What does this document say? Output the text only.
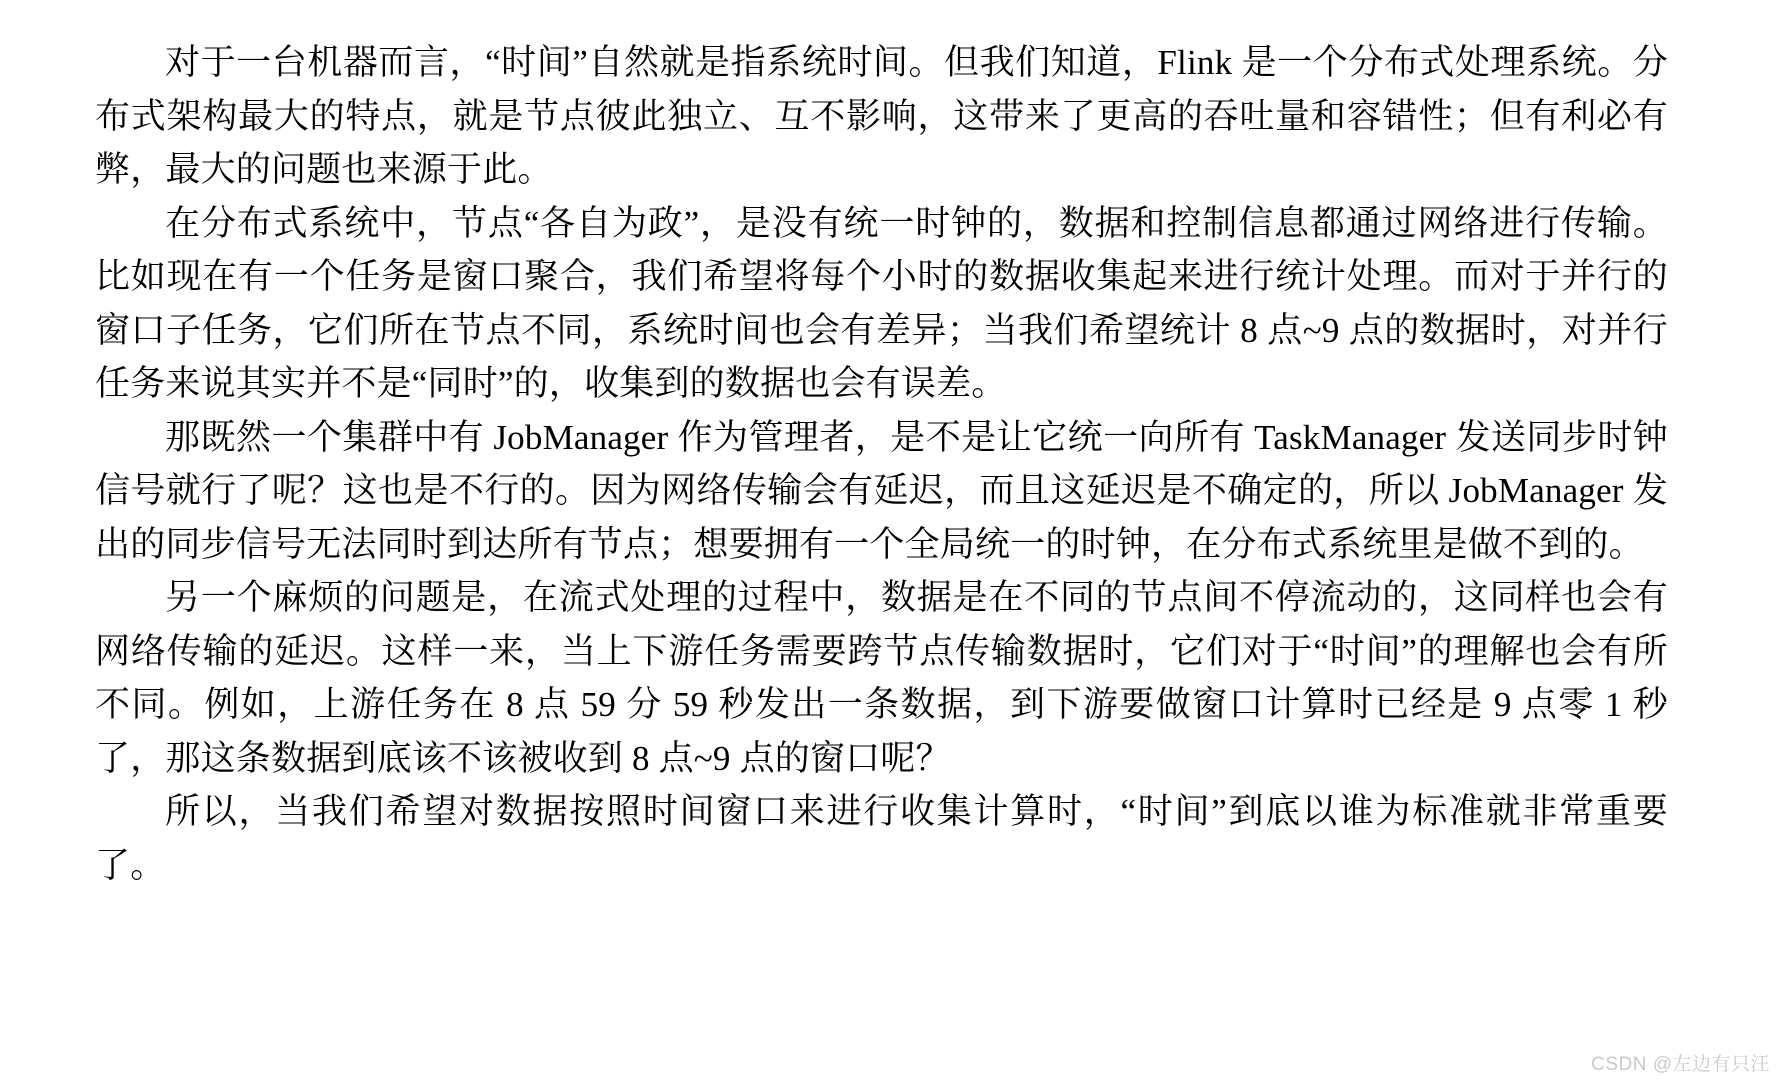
对于一台机器而言，“时间”自然就是指系统时间。但我们知道，Flink 是一个分布式处理系统。分布式架构最大的特点，就是节点彼此独立、互不影响，这带来了更高的吞吐量和容错性；但有利必有弊，最大的问题也来源于此。

在分布式系统中，节点“各自为政”，是没有统一时钟的，数据和控制信息都通过网络进行传输。比如现在有一个任务是窗口聚合，我们希望将每个小时的数据收集起来进行统计处理。而对于并行的窗口子任务，它们所在节点不同，系统时间也会有差异；当我们希望统计 8 点~9 点的数据时，对并行任务来说其实并不是“同时”的，收集到的数据也会有误差。

那既然一个集群中有 JobManager 作为管理者，是不是让它统一向所有 TaskManager 发送同步时钟信号就行了呢？这也是不行的。因为网络传输会有延迟，而且这延迟是不确定的，所以 JobManager 发出的同步信号无法同时到达所有节点；想要拥有一个全局统一的时钟，在分布式系统里是做不到的。

另一个麻烦的问题是，在流式处理的过程中，数据是在不同的节点间不停流动的，这同样也会有网络传输的延迟。这样一来，当上下游任务需要跨节点传输数据时，它们对于“时间”的理解也会有所不同。例如，上游任务在 8 点 59 分 59 秒发出一条数据，到下游要做窗口计算时已经是 9 点零 1 秒了，那这条数据到底该不该被收到 8 点~9 点的窗口呢？

所以，当我们希望对数据按照时间窗口来进行收集计算时，“时间”到底以谁为标准就非常重要了。

CSDN @左边有只汪
